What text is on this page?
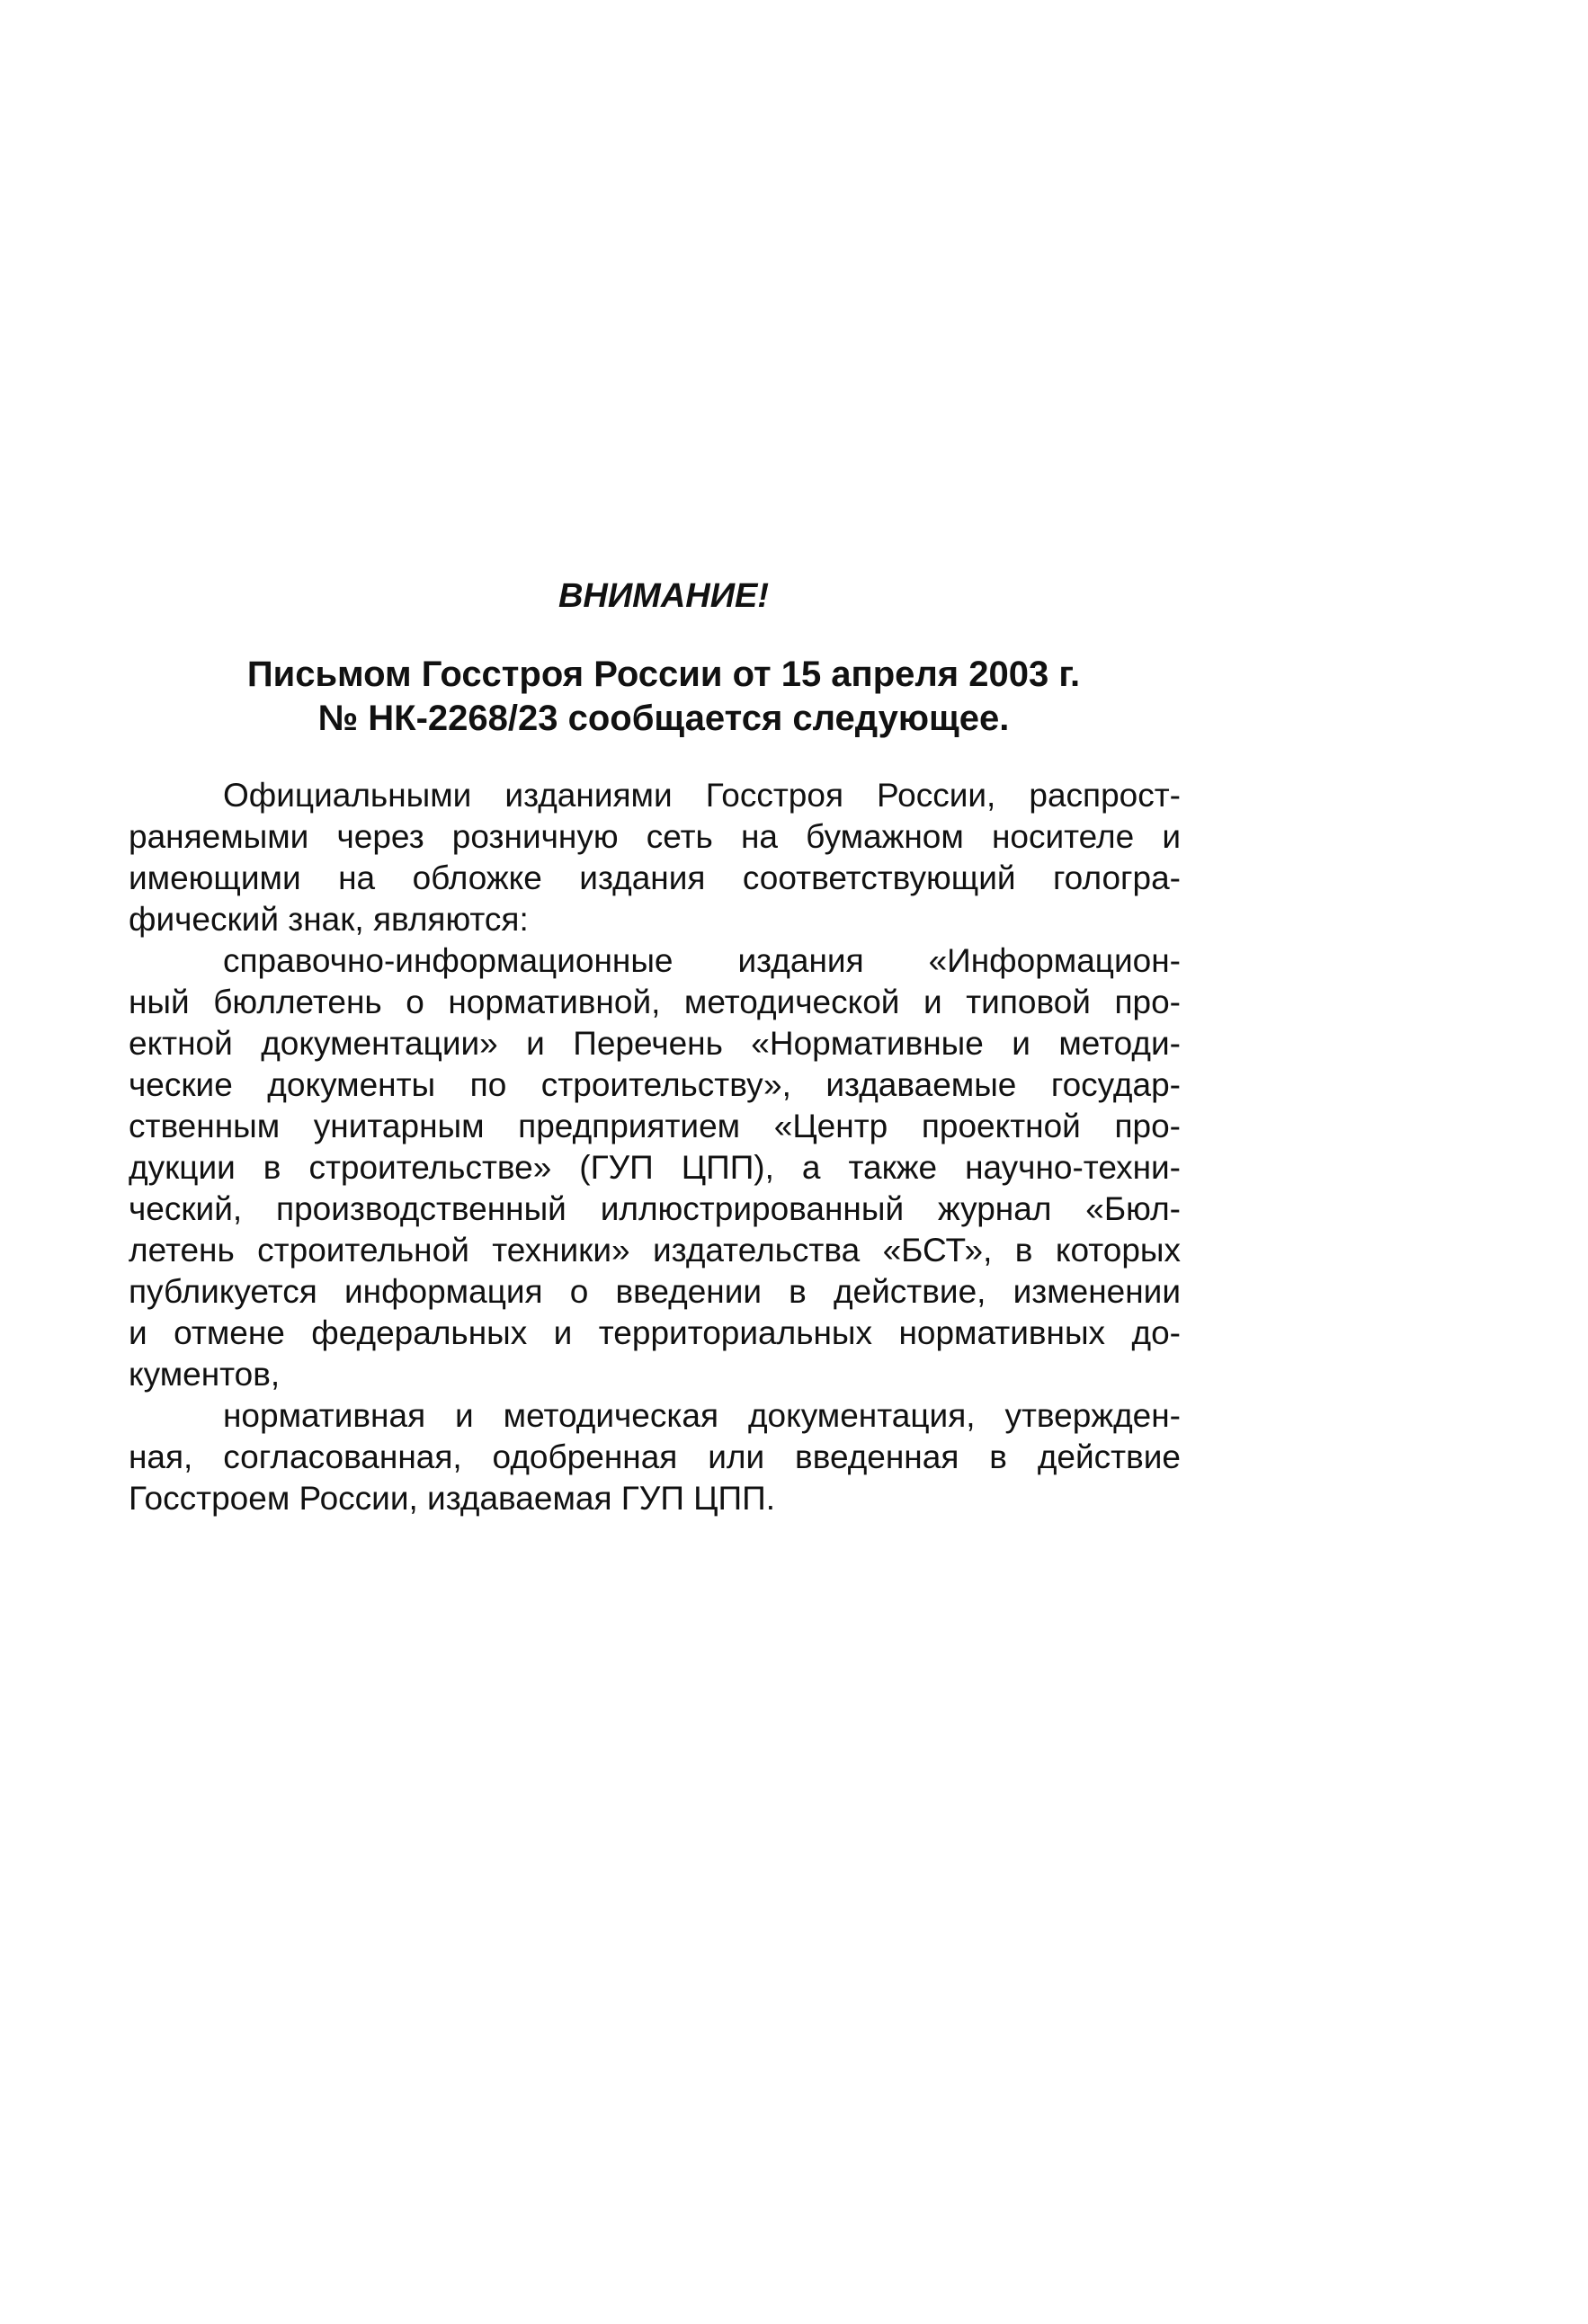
ВНИМАНИЕ!
Письмом Госстроя России от 15 апреля 2003 г.
№ НК-2268/23 сообщается следующее.
Официальными изданиями Госстроя России, распрост-
раняемыми через розничную сеть на бумажном носителе и
имеющими на обложке издания соответствующий гологра-
фический знак, являются:
справочно-информационные издания «Информацион-
ный бюллетень о нормативной, методической и типовой про-
ектной документации» и Перечень «Нормативные и методи-
ческие документы по строительству», издаваемые государ-
ственным унитарным предприятием «Центр проектной про-
дукции в строительстве» (ГУП ЦПП), а также научно-техни-
ческий, производственный иллюстрированный журнал «Бюл-
летень строительной техники» издательства «БСТ», в которых
публикуется информация о введении в действие, изменении
и отмене федеральных и территориальных нормативных до-
кументов,
нормативная и методическая документация, утвержден-
ная, согласованная, одобренная или введенная в действие
Госстроем России, издаваемая ГУП ЦПП.
